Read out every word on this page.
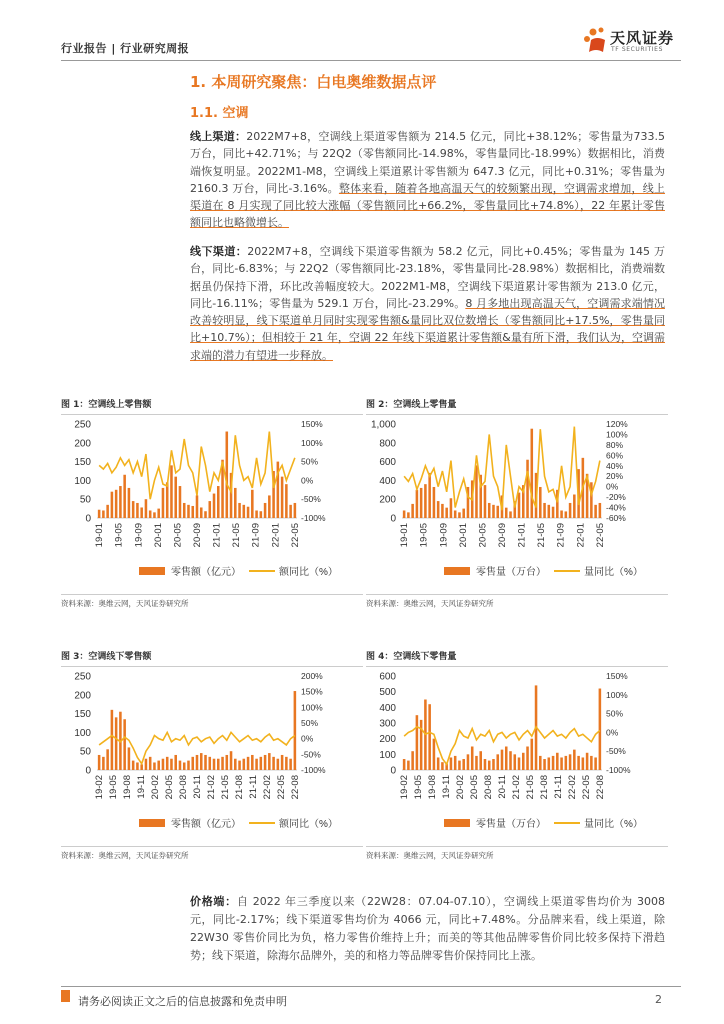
行业报告 | 行业研究周报
天风证券
TF SECURITIES
1. 本周研究聚焦：白电奥维数据点评
1.1. 空调
线上渠道：2022M7+8，空调线上渠道零售额为 214.5 亿元，同比+38.12%；零售量为733.5 万台，同比+42.71%；与 22Q2（零售额同比-14.98%，零售量同比-18.99%）数据相比，消费端恢复明显。2022M1-M8，空调线上渠道累计零售额为 647.3 亿元，同比+0.31%；零售量为 2160.3 万台，同比-3.16%。整体来看，随着各地高温天气的较频繁出现，空调需求增加，线上渠道在 8 月实现了同比较大涨幅（零售额同比+66.2%，零售量同比+74.8%），22 年累计零售额同比也略微增长。
线下渠道：2022M7+8，空调线下渠道零售额为 58.2 亿元，同比+0.45%；零售量为 145 万台，同比-6.83%；与 22Q2（零售额同比-23.18%，零售量同比-28.98%）数据相比，消费端数据虽仍保持下滑，环比改善幅度较大。2022M1-M8，空调线下渠道累计零售额为 213.0 亿元，同比-16.11%；零售量为 529.1 万台，同比-23.29%。8 月多地出现高温天气，空调需求端情况改善较明显，线下渠道单月同时实现零售额&量同比双位数增长（零售额同比+17.5%，零售量同比+10.7%）；但相较于 21 年，空调 22 年线下渠道累计零售额&量有所下滑，我们认为，空调需求端的潜力有望进一步释放。
图 1：空调线上零售额
0
50
100
150
200
250
-100%
-50%
0%
50%
100%
150%
19-01 19-05 19-09 20-01 20-05 20-09 21-01 21-05 21-09 22-01 22-05
零售额（亿元）	额同比（%）
资料来源：奥维云网，天风证券研究所
图 2：空调线上零售量
0
200
400
600
800
1,000
-60%
-40%
-20%
0%
20%
40%
60%
80%
100%
120%
19-01 19-05 19-09 20-01 20-05 20-09 21-01 21-05 21-09 22-01 22-05
零售量（万台）	量同比（%）
资料来源：奥维云网，天风证券研究所
图 3：空调线下零售额
0
50
100
150
200
250
-100%
-50%
0%
50%
100%
150%
200%
19-02 19-05 19-08 19-11 20-02 20-05 20-08 20-11 21-02 21-05 21-08 21-11 22-02 22-05 22-08
零售额（亿元）	额同比（%）
资料来源：奥维云网，天风证券研究所
图 4：空调线下零售量
0
100
200
300
400
500
600
-100%
-50%
0%
50%
100%
150%
19-02 19-05 19-08 19-11 20-02 20-05 20-08 20-11 21-02 21-05 21-08 21-11 22-02 22-05 22-08
零售量（万台）	量同比（%）
资料来源：奥维云网，天风证券研究所
价格端：自 2022 年三季度以来（22W28：07.04-07.10），空调线上渠道零售均价为 3008 元，同比-2.17%；线下渠道零售均价为 4066 元，同比+7.48%。分品牌来看，线上渠道，除 22W30 零售价同比为负，格力零售价维持上升；而美的等其他品牌零售价同比较多保持下滑趋势；线下渠道，除海尔品牌外，美的和格力等品牌零售价保持同比上涨。
请务必阅读正文之后的信息披露和免责申明	2
